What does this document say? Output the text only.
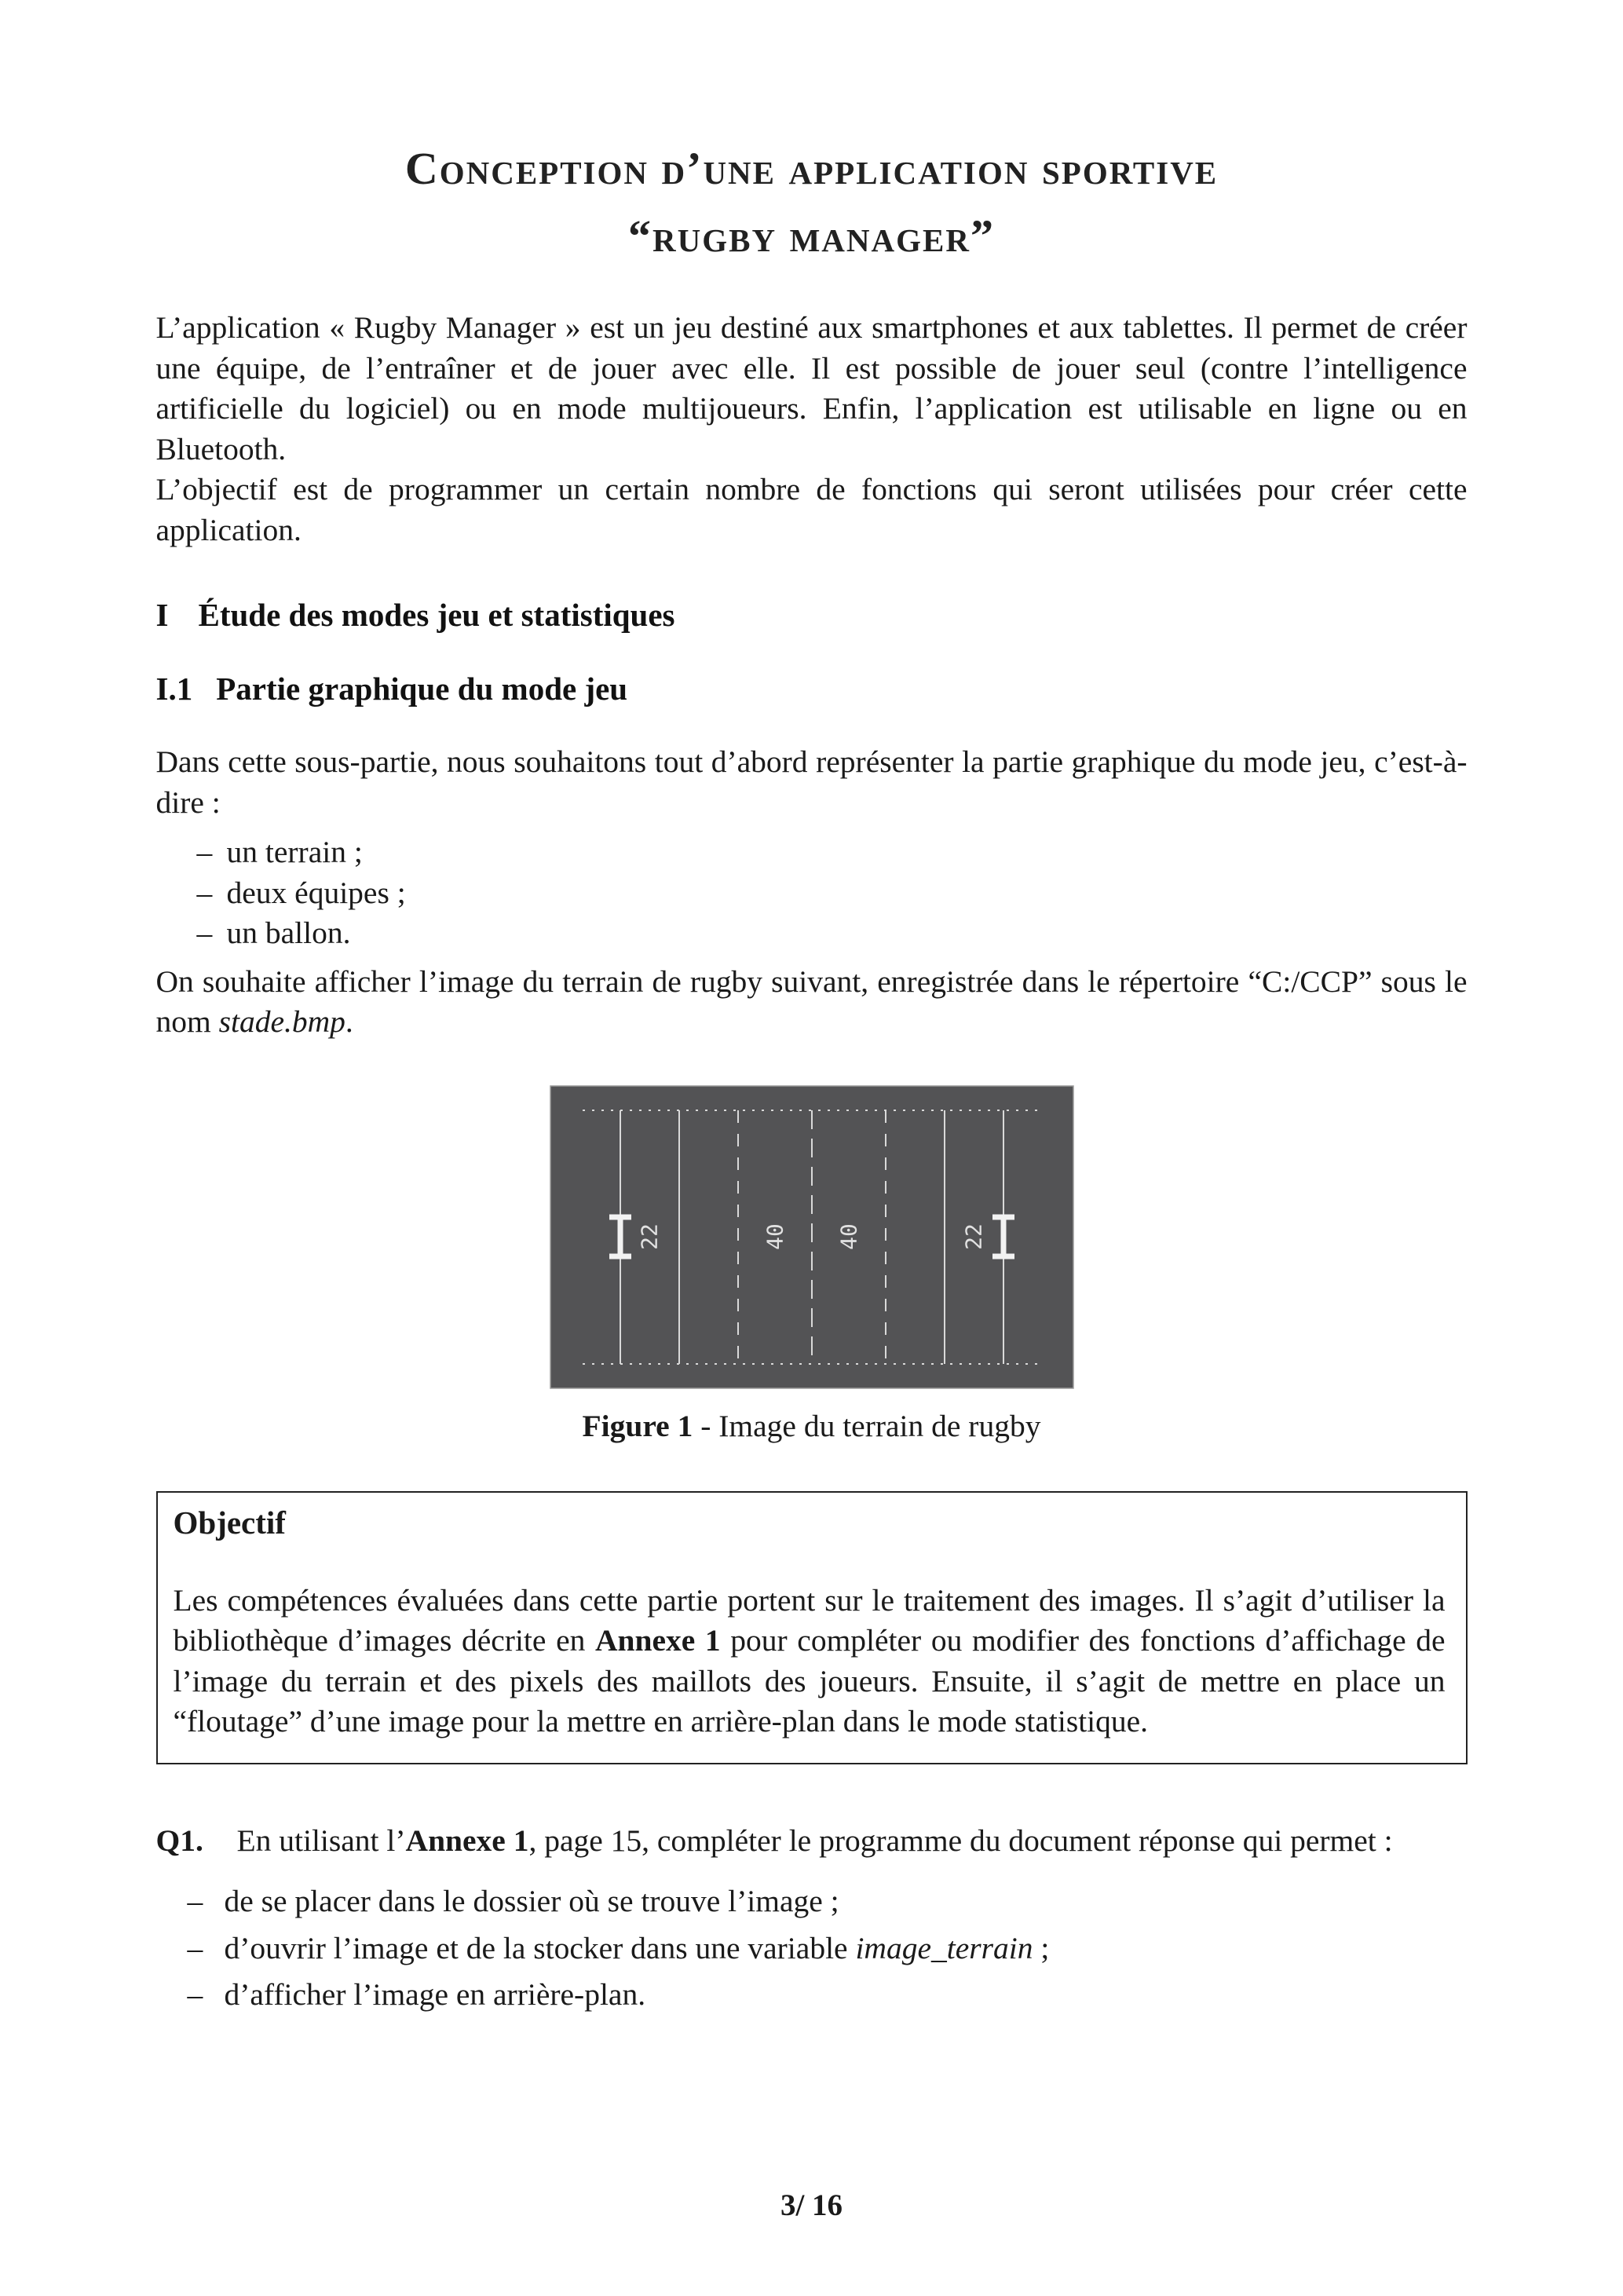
Conception d’une application sportive
“rugby manager”

L’application « Rugby Manager » est un jeu destiné aux smartphones et aux tablettes. Il permet de créer une équipe, de l’entraîner et de jouer avec elle. Il est possible de jouer seul (contre l’intelligence artificielle du logiciel) ou en mode multijoueurs. Enfin, l’application est utilisable en ligne ou en Bluetooth.

L’objectif est de programmer un certain nombre de fonctions qui seront utilisées pour créer cette application.

I Étude des modes jeu et statistiques
I.1 Partie graphique du mode jeu

Dans cette sous-partie, nous souhaitons tout d’abord représenter la partie graphique du mode jeu, c’est-à-dire :

– un terrain ;
– deux équipes ;
– un ballon.

On souhaite afficher l’image du terrain de rugby suivant, enregistrée dans le répertoire “C:/CCP” sous le nom stade.bmp.

22	40 40	22
Figure 1 - Image du terrain de rugby
Objectif

Les compétences évaluées dans cette partie portent sur le traitement des images. Il s’agit d’utiliser la bibliothèque d’images décrite en Annexe 1 pour compléter ou modifier des fonctions d’affichage de l’image du terrain et des pixels des maillots des joueurs. Ensuite, il s’agit de mettre en place un “floutage” d’une image pour la mettre en arrière-plan dans le mode statistique.

Q1.	En utilisant l’Annexe 1, page 15, compléter le programme du document réponse qui permet :

– de se placer dans le dossier où se trouve l’image ;
– d’ouvrir l’image et de la stocker dans une variable image_terrain ;
– d’afficher l’image en arrière-plan.
3/ 16
